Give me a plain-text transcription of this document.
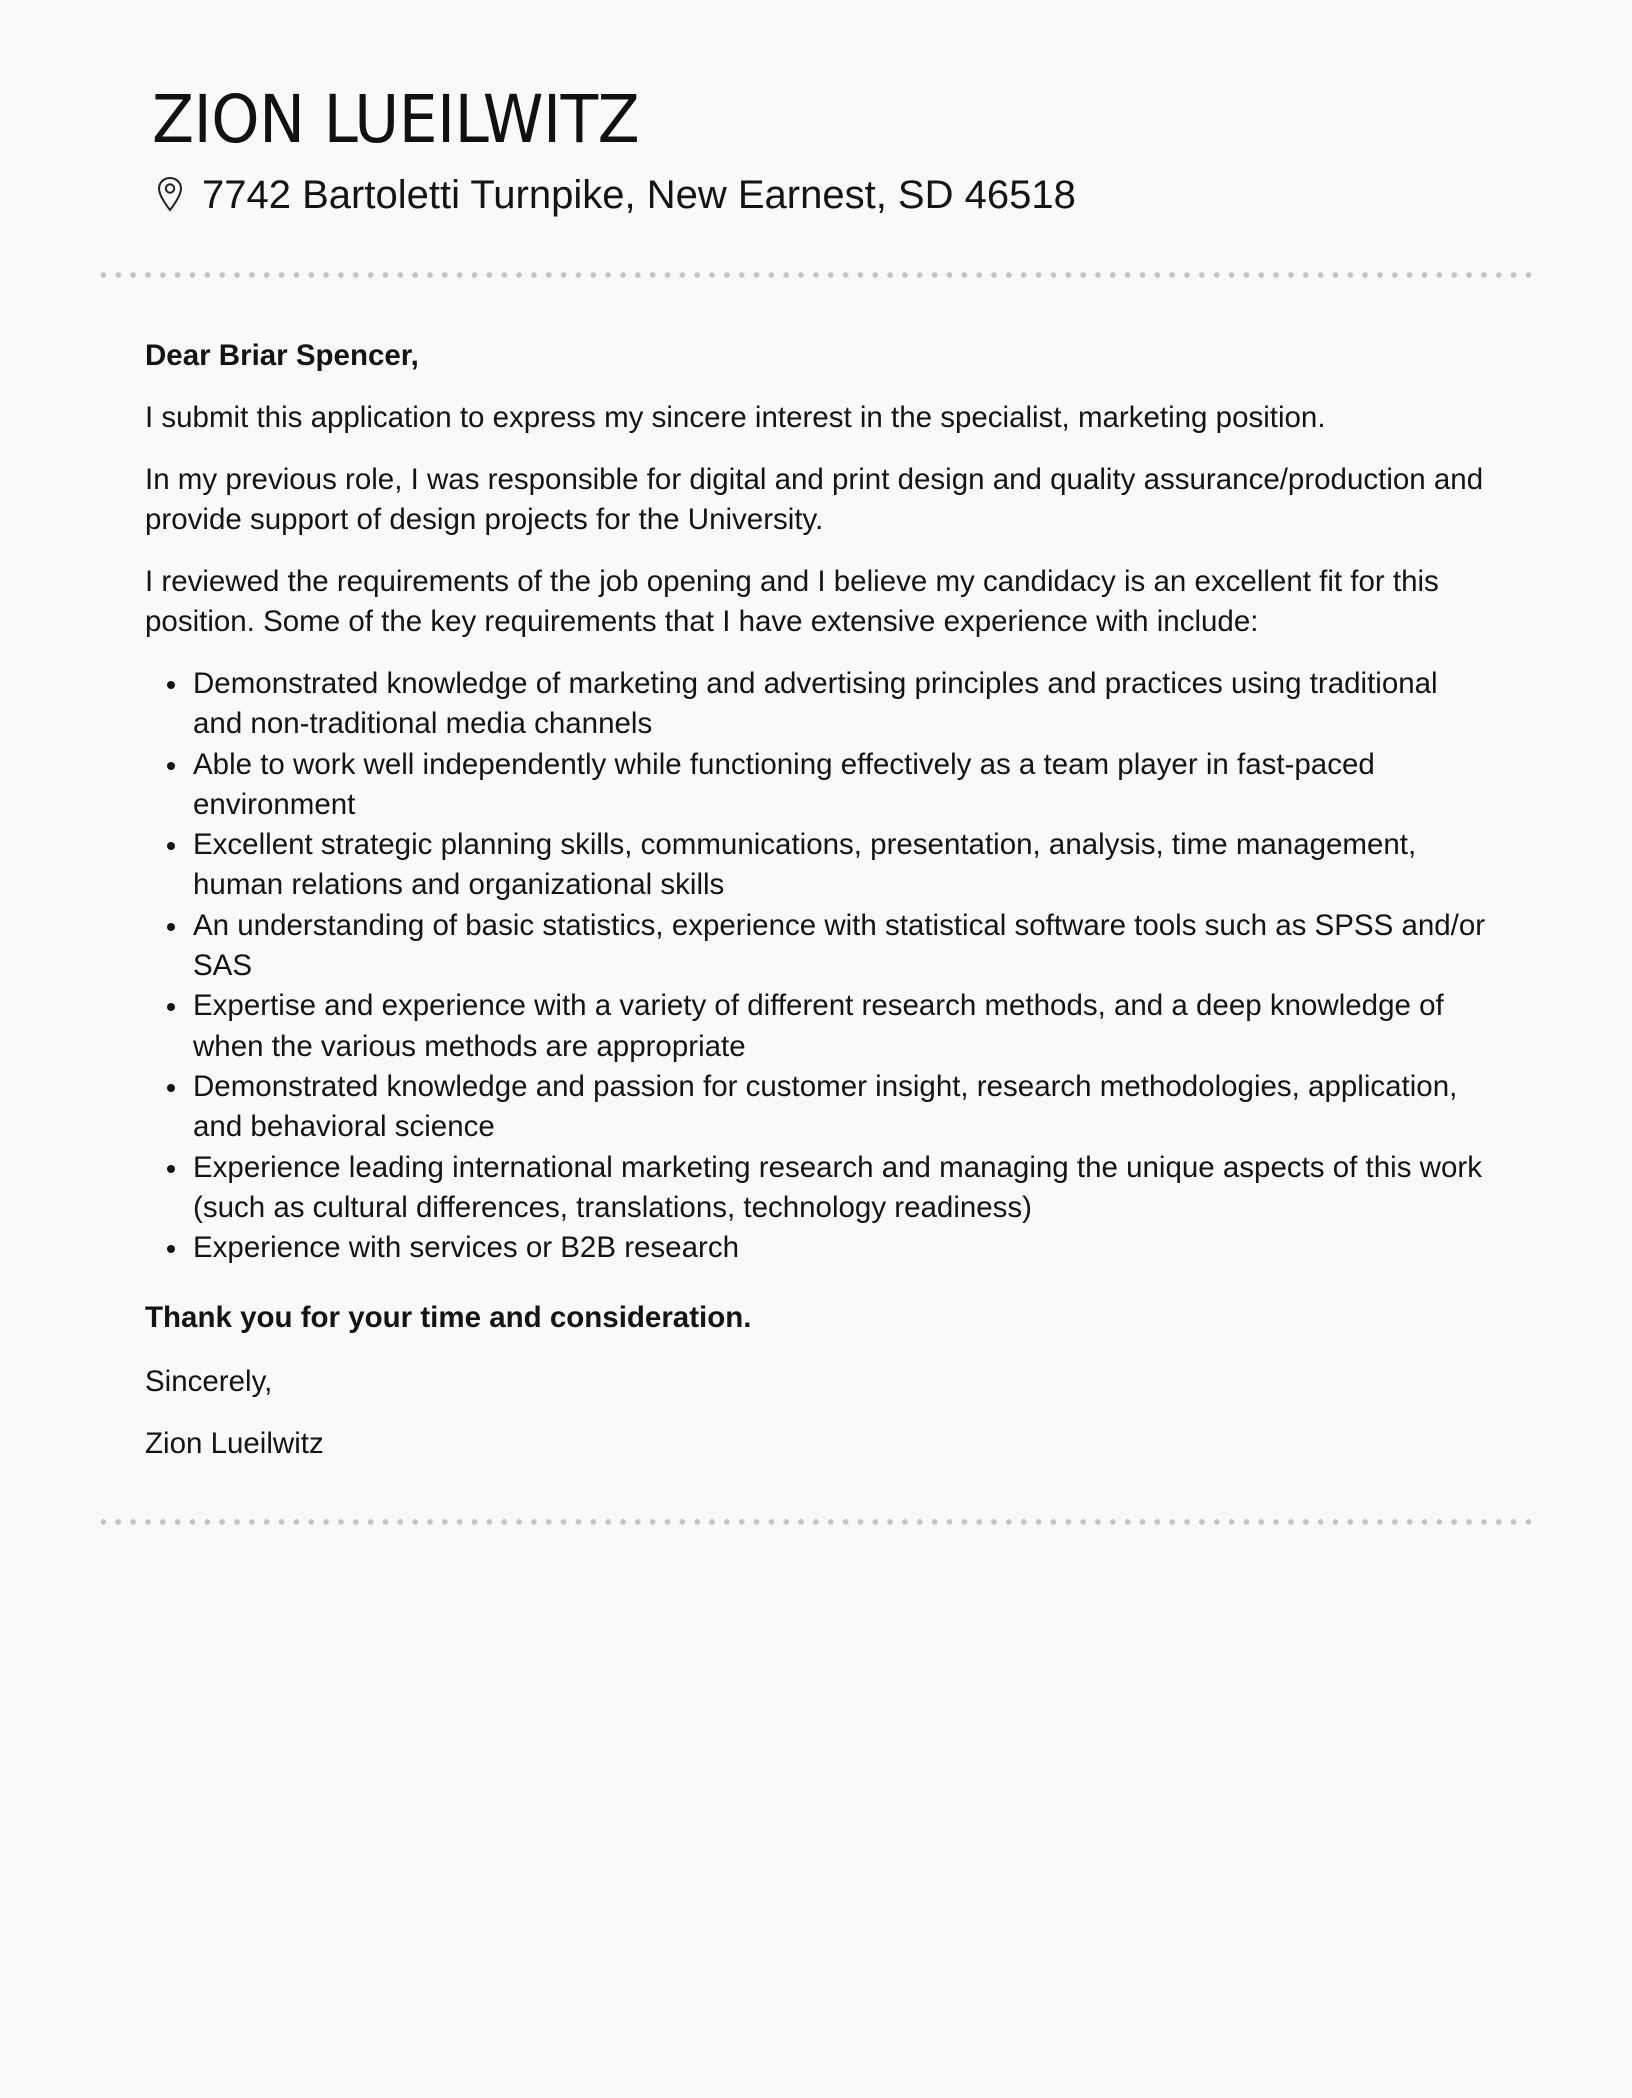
ZION LUEILWITZ
7742 Bartoletti Turnpike, New Earnest, SD 46518

Dear Briar Spencer,

I submit this application to express my sincere interest in the specialist, marketing position.

In my previous role, I was responsible for digital and print design and quality assurance/production and provide support of design projects for the University.

I reviewed the requirements of the job opening and I believe my candidacy is an excellent fit for this position. Some of the key requirements that I have extensive experience with include:

Demonstrated knowledge of marketing and advertising principles and practices using traditional and non-traditional media channels
Able to work well independently while functioning effectively as a team player in fast-paced environment
Excellent strategic planning skills, communications, presentation, analysis, time management, human relations and organizational skills
An understanding of basic statistics, experience with statistical software tools such as SPSS and/or SAS
Expertise and experience with a variety of different research methods, and a deep knowledge of when the various methods are appropriate
Demonstrated knowledge and passion for customer insight, research methodologies, application, and behavioral science
Experience leading international marketing research and managing the unique aspects of this work (such as cultural differences, translations, technology readiness)
Experience with services or B2B research

Thank you for your time and consideration.

Sincerely,

Zion Lueilwitz
